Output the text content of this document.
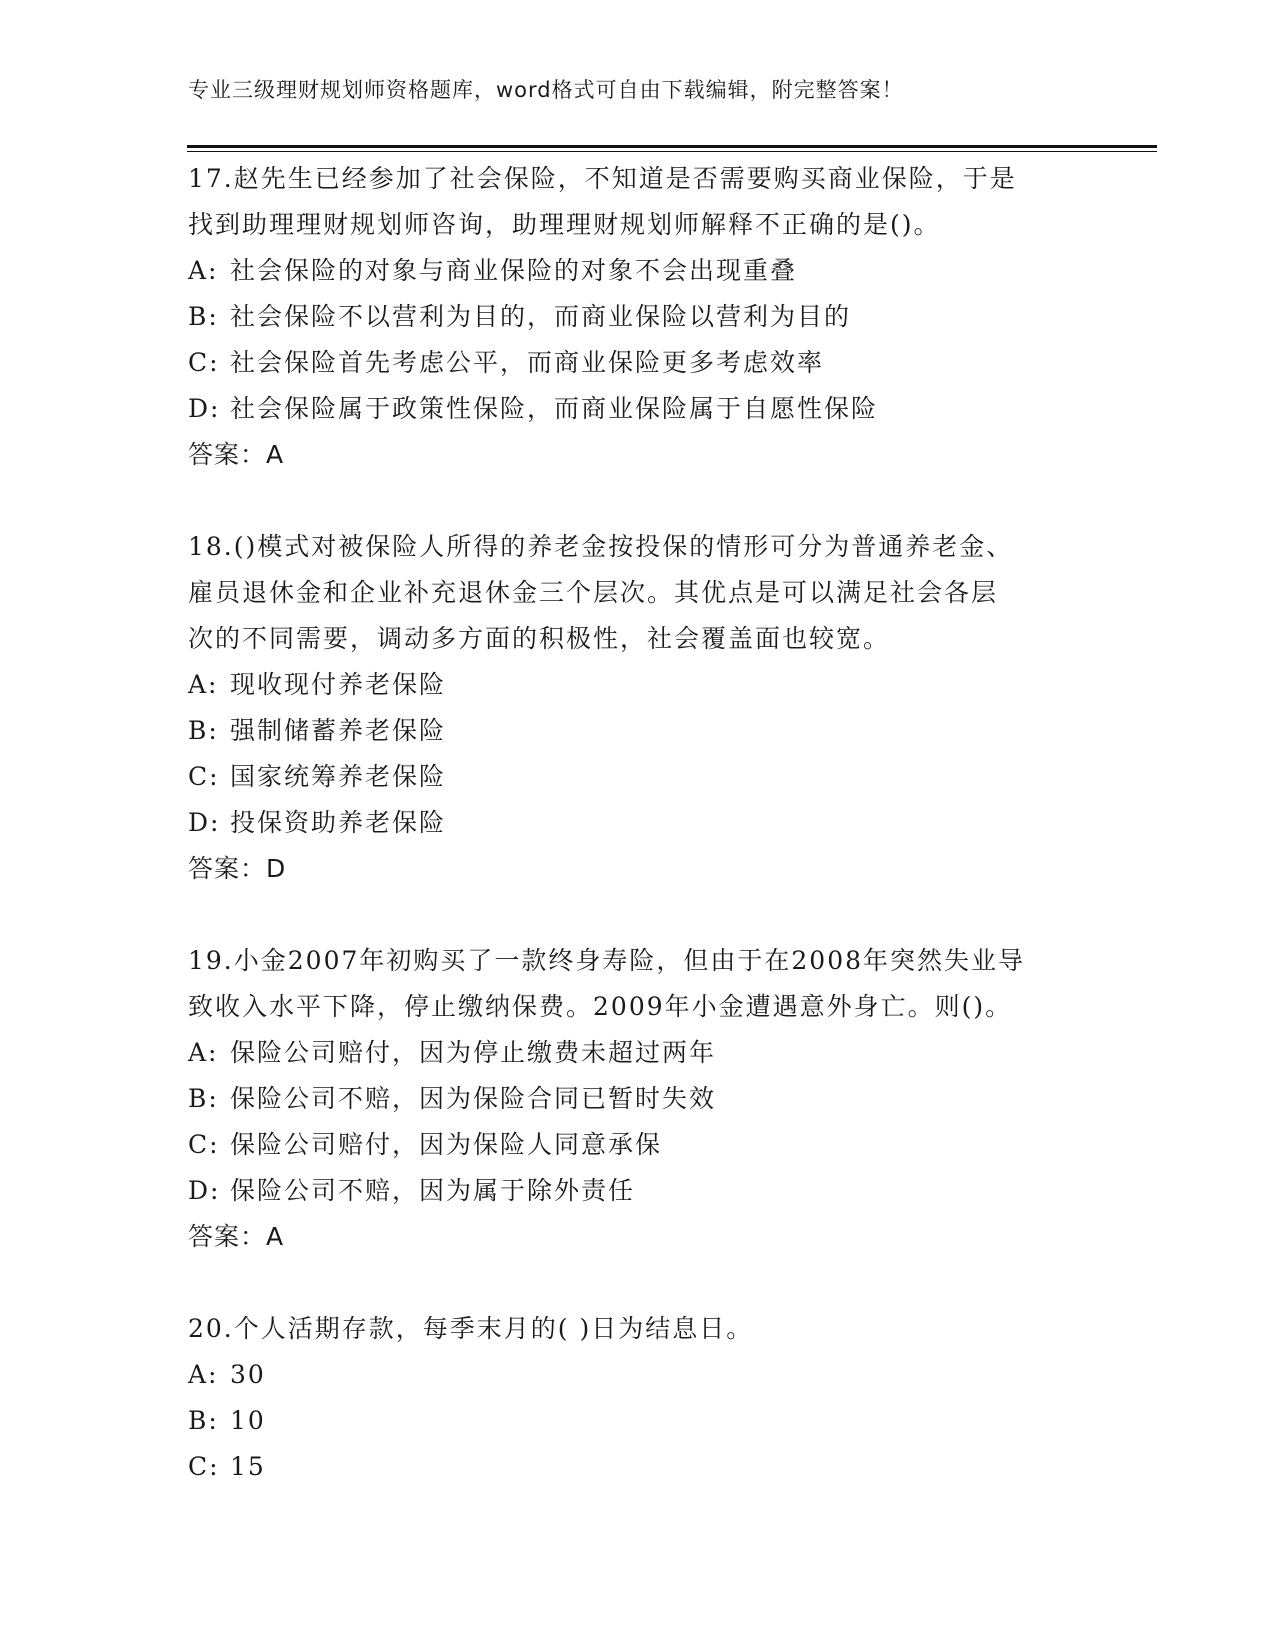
专业三级理财规划师资格题库，word格式可自由下载编辑，附完整答案！
17.赵先生已经参加了社会保险，不知道是否需要购买商业保险，于是
找到助理理财规划师咨询，助理理财规划师解释不正确的是()。
A: 社会保险的对象与商业保险的对象不会出现重叠
B: 社会保险不以营利为目的，而商业保险以营利为目的
C: 社会保险首先考虑公平，而商业保险更多考虑效率
D: 社会保险属于政策性保险，而商业保险属于自愿性保险
答案：A
18.()模式对被保险人所得的养老金按投保的情形可分为普通养老金、
雇员退休金和企业补充退休金三个层次。其优点是可以满足社会各层
次的不同需要，调动多方面的积极性，社会覆盖面也较宽。
A: 现收现付养老保险
B: 强制储蓄养老保险
C: 国家统筹养老保险
D: 投保资助养老保险
答案：D
19.小金2007年初购买了一款终身寿险，但由于在2008年突然失业导
致收入水平下降，停止缴纳保费。2009年小金遭遇意外身亡。则()。
A: 保险公司赔付，因为停止缴费未超过两年
B: 保险公司不赔，因为保险合同已暂时失效
C: 保险公司赔付，因为保险人同意承保
D: 保险公司不赔，因为属于除外责任
答案：A
20.个人活期存款，每季末月的( )日为结息日。
A: 30
B: 10
C: 15
